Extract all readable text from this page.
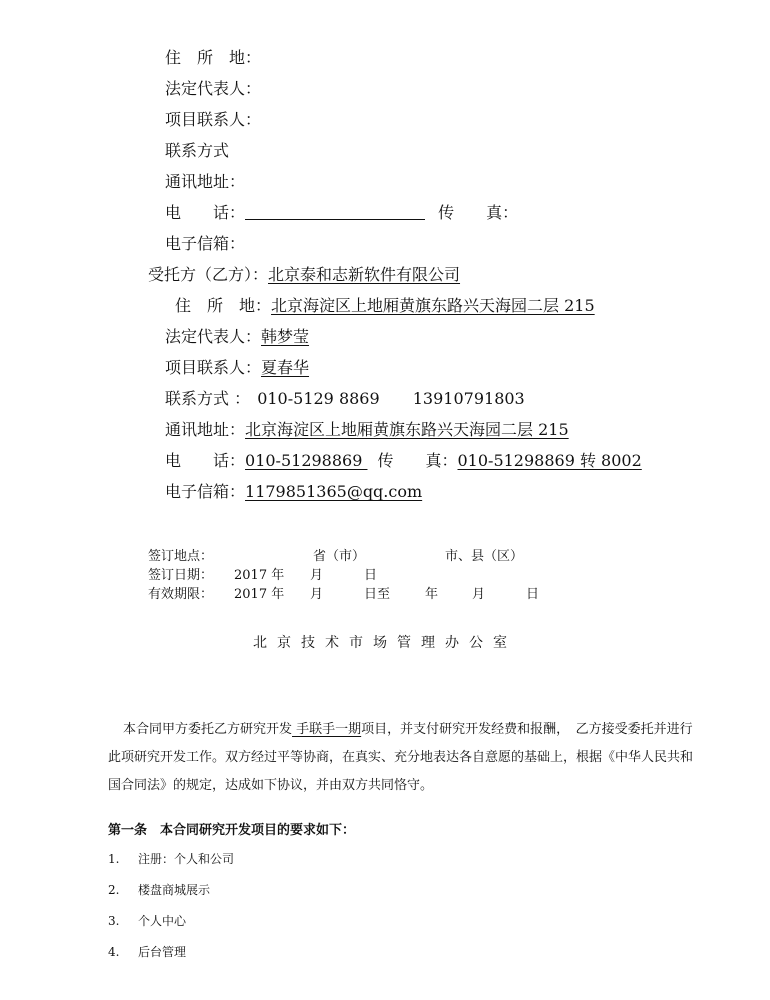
住　所　地：
法定代表人：
项目联系人：
联系方式
通讯地址：
电　　话：	传　　真：
电子信箱：
受托方（乙方）：北京泰和志新软件有限公司
住　所　地：北京海淀区上地厢黄旗东路兴天海园二层 215
法定代表人：韩梦莹
项目联系人：夏春华
联系方式 ： 010-5129 8869 13910791803
通讯地址：北京海淀区上地厢黄旗东路兴天海园二层 215
电　　话：010-51298869 传　　真：010-51298869 转 8002
电子信箱：1179851365@qq.com
签订地点：	省（市）	市、县（区）
签订日期： 2017 年 月	日
有效期限： 2017 年 月	日至	年	月	日
北京技术市场管理办公室
本合同甲方委托乙方研究开发 手联手一期项目，并支付研究开发经费和报酬，　乙方接受委托并进行此项研究开发工作。双方经过平等协商，在真实、充分地表达各自意愿的基础上，根据《中华人民共和国合同法》的规定，达成如下协议，并由双方共同恪守。
第一条　本合同研究开发项目的要求如下：
1. 注册：个人和公司
2. 楼盘商城展示
3. 个人中心
4. 后台管理
